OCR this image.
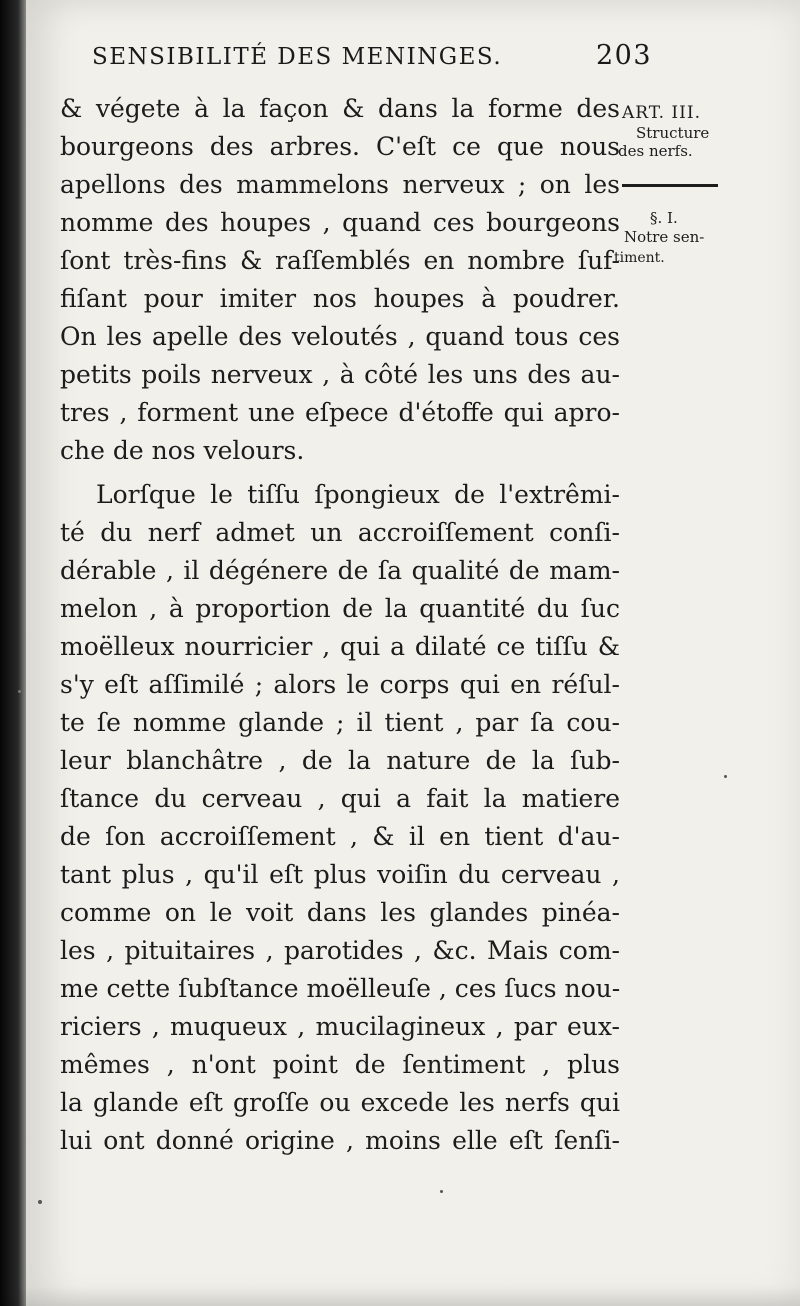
SENSIBILITÉ DES MENINGES.	203
ART. III.
Structure
des nerfs.
§. I.
Notre sen-
timent.
& végete à la façon & dans la forme des
bourgeons des arbres. C'eſt ce que nous
apellons des mammelons nerveux ; on les
nomme des houpes , quand ces bourgeons
ſont très-fins & raſſemblés en nombre ſuf-
fiſant pour imiter nos houpes à poudrer.
On les apelle des veloutés , quand tous ces
petits poils nerveux , à côté les uns des au-
tres , forment une eſpece d'étoffe qui apro-
che de nos velours.
Lorſque le tiſſu ſpongieux de l'extrêmi-
té du nerf admet un accroiſſement conſi-
dérable , il dégénere de ſa qualité de mam-
melon , à proportion de la quantité du ſuc
moëlleux nourricier , qui a dilaté ce tiſſu &
s'y eſt aſſimilé ; alors le corps qui en réſul-
te ſe nomme glande ; il tient , par ſa cou-
leur blanchâtre , de la nature de la ſub-
ſtance du cerveau , qui a fait la matiere
de ſon accroiſſement , & il en tient d'au-
tant plus , qu'il eſt plus voiſin du cerveau ,
comme on le voit dans les glandes pinéa-
les , pituitaires , parotides , &c. Mais com-
me cette ſubſtance moëlleuſe , ces ſucs nou-
riciers , muqueux , mucilagineux , par eux-
mêmes , n'ont point de ſentiment , plus
la glande eſt groſſe ou excede les nerfs qui
lui ont donné origine , moins elle eſt ſenſi-
